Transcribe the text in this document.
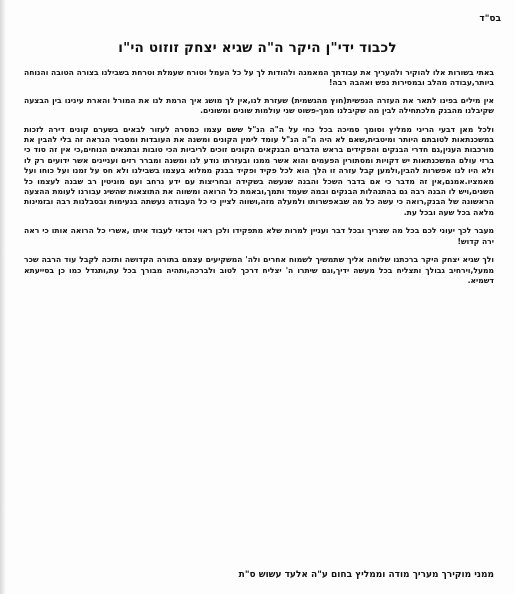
בס"ד
לכבוד ידי"ן היקר ה"ה שגיא יצחק זוזוט הי"ו

באתי בשורות אלו להוקיר ולהעריך את עבודתך המאמנה ולהודות לך על כל העמל וטורח שעמלת וטרחת בשבילנו בצורה הטובה והנוחה ביותר,עבודה מהלב ובמסירות נפש ואהבה רבה!

אין מילים בפינו לתאר את העזרה הנפשית(חוץ מהגשמית) שעזרת לנו,אין לך מושג איך הרמת לנו את המורל והארת עינינו בין הבצעה שקיבלנו מהבנק מלכתחילה לבין מה שקיבלנו ממך-פשוט שני עולמות שונים ומשונים.

ולכל מאן דבעי הריני ממליץ וסומך סמיכה בכל כחי על ה"ה הנ"ל ששם עצמו כמסרה לעזור לבאים בשערם קונים דירה לזכות במשכנתאות לטובתם היותר ומיטבית,שאם לא היה ה"ה הנ"ל עומד לימין הקונים ומשנה את העובדות ומסביר הנראה זה בלי להבין את מורכבות הענין,גם חדרי הבנקים והפקידים בראש הדברים הבנקאים הקונים זוכים לריביות הכי טובות ובתנאים הנוחים,כי אין זה סוד כי ברזי עולם המשכנתאות יש דקויות ומסתורין הפעמים והוא אשר ממנו ובעזרתו נודע לנו ומשנה ומברר רזים ועניינים אשר ידועים רק לו ולא היו לנו אפשרות להבין,ולמען קבל עזרה זו הלך הוא לכל פקיד ופקיד בבנק ממלוא בעצמו בשבילנו ולא חס על זמנו ועל כוחו ועל מאמציו.אמנם,אין זה מדבר כי אם בדבר השכל והבנה שנעשה בשקידה ובחריצות עם ידע נרחב ועם מוניטין רב שבנה לעצמו כל השנים,ויש לו הבנה רבה גם בהתנהלות הבנקים ובמה שעמד ותמך,ובאמת כל הרואה ומשווה את התוצאות שהשיג עבורנו לעומת ההצעה הראשונה של הבנק,רואה כי עשה כל מה שבאפשרותו ולמעלה מזה,ושווה לציין כי כל העבודה נעשתה בנעימות ובסבלנות רבה ובזמינות מלאה בכל שעה ובכל עת.

מעבר לכך יעוני לכם בכל מה שצריך ובכל דבר ועניין למרות שלא מתפקידו ולכן ראוי וכדאי לעבוד איתו ,אשרי כל הרואה אותו כי ראה ירה קדוש!

ולך שגיא יצחק היקר ברכתנו שלוחה אליך שתמשיך לשמוח אחרים ולה' המשקיעים עצמם בתורה הקדושה ותזכה לקבל עוד הרבה שכר ממעל,וירחיב גבולך ותצליח בכל מעשה ידיך,וגם שיתרו ה' יצליח דרכך לטוב ולברכה,ותהיה מבורך בכל עת,ותגדל כמו כן בסייעתא דשמיא.

ממני מוקירך מעריך מודה וממליץ בחום ע"ה אלעד עשוש ס"ת
